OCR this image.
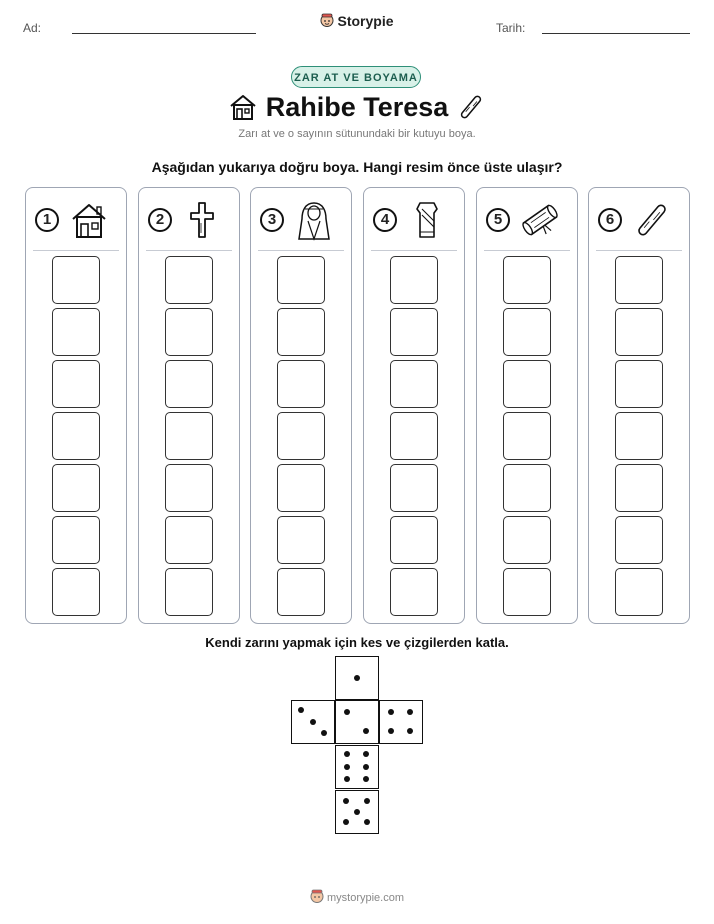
Ad:	Storypie	Tarih:
ZAR AT VE BOYAMA
Rahibe Teresa
Zarı at ve o sayının sütunundaki bir kutuyu boya.
Aşağıdan yukarıya doğru boya. Hangi resim önce üste ulaşır?
1	2	3	4	5	6
Kendi zarını yapmak için kes ve çizgilerden katla.
mystorypie.com
